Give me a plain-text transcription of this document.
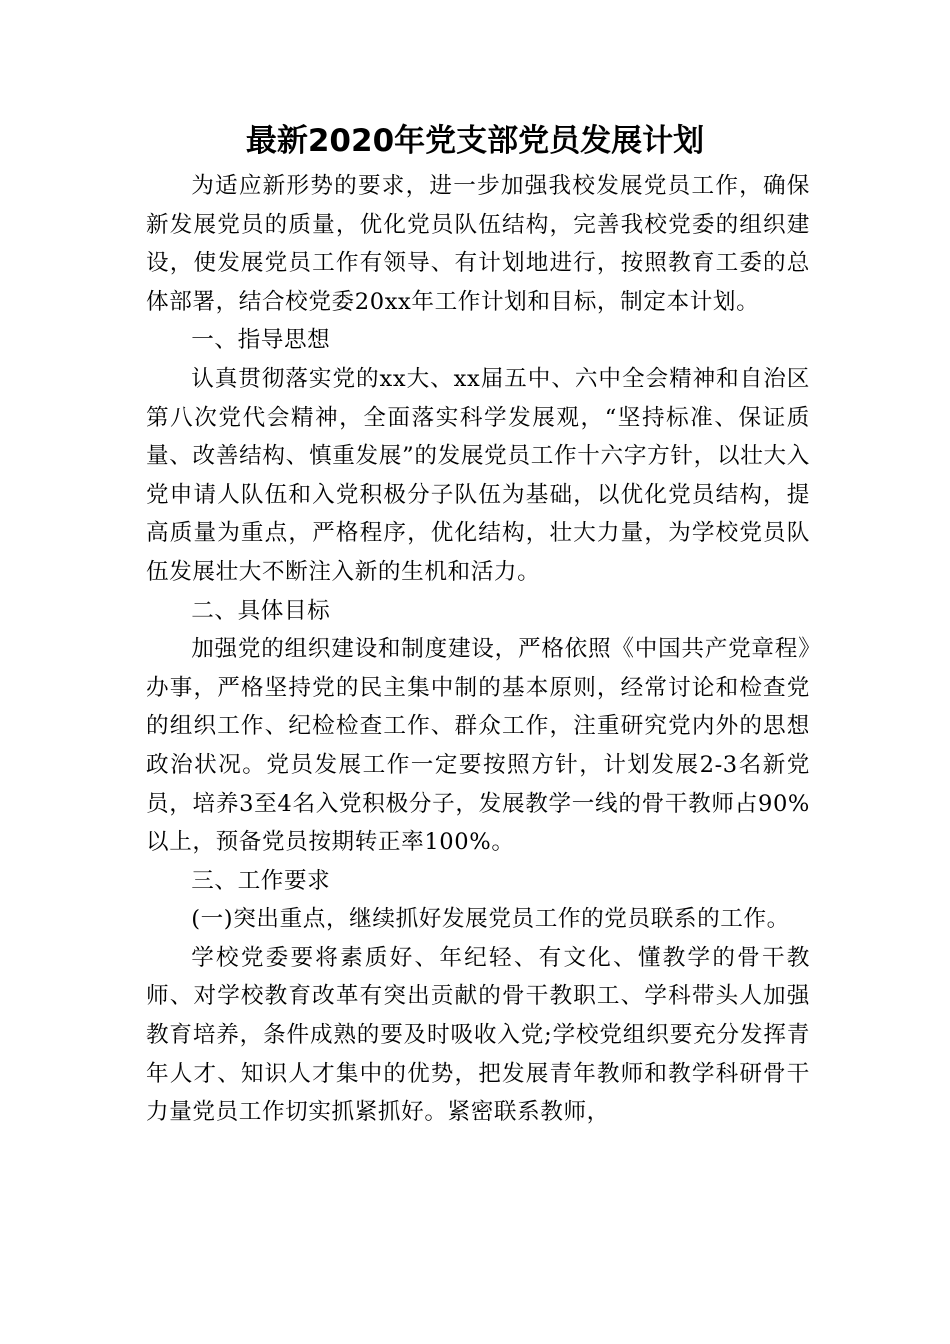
最新2020年党支部党员发展计划

为适应新形势的要求，进一步加强我校发展党员工作，确保新发展党员的质量，优化党员队伍结构，完善我校党委的组织建设，使发展党员工作有领导、有计划地进行，按照教育工委的总体部署，结合校党委20xx年工作计划和目标，制定本计划。

一、指导思想

认真贯彻落实党的xx大、xx届五中、六中全会精神和自治区第八次党代会精神，全面落实科学发展观，“坚持标准、保证质量、改善结构、慎重发展”的发展党员工作十六字方针，以壮大入党申请人队伍和入党积极分子队伍为基础，以优化党员结构，提高质量为重点，严格程序，优化结构，壮大力量，为学校党员队伍发展壮大不断注入新的生机和活力。

二、具体目标

加强党的组织建设和制度建设，严格依照《中国共产党章程》办事，严格坚持党的民主集中制的基本原则，经常讨论和检查党的组织工作、纪检检查工作、群众工作，注重研究党内外的思想政治状况。党员发展工作一定要按照方针，计划发展2-3名新党员，培养3至4名入党积极分子，发展教学一线的骨干教师占90%以上，预备党员按期转正率100%。

三、工作要求

(一)突出重点，继续抓好发展党员工作的党员联系的工作。

学校党委要将素质好、年纪轻、有文化、懂教学的骨干教师、对学校教育改革有突出贡献的骨干教职工、学科带头人加强教育培养，条件成熟的要及时吸收入党;学校党组织要充分发挥青年人才、知识人才集中的优势，把发展青年教师和教学科研骨干力量党员工作切实抓紧抓好。紧密联系教师，
